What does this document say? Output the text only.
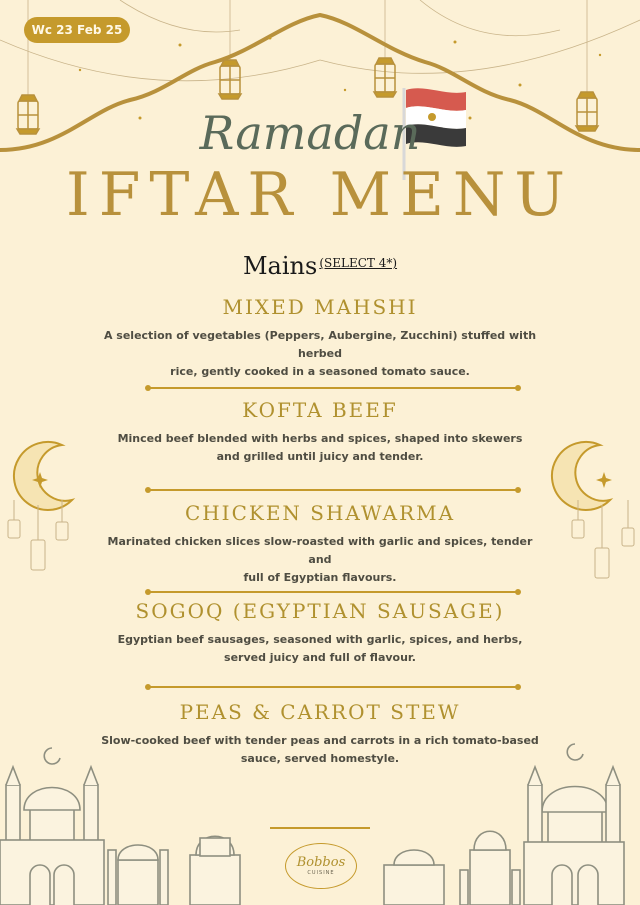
Wc 23 Feb 25
Ramadan
IFTAR MENU
Mains $^{(SELECT 4*)}$
MIXED MAHSHI
A selection of vegetables (Peppers, Aubergine, Zucchini) stuffed with herbed
rice, gently cooked in a seasoned tomato sauce.
KOFTA BEEF
Minced beef blended with herbs and spices, shaped into skewers
and grilled until juicy and tender.
CHICKEN SHAWARMA
Marinated chicken slices slow-roasted with garlic and spices, tender and
full of Egyptian flavours.
SOGOQ (EGYPTIAN SAUSAGE)
Egyptian beef sausages, seasoned with garlic, spices, and herbs,
served juicy and full of flavour.
PEAS & CARROT STEW
Slow-cooked beef with tender peas and carrots in a rich tomato-based
sauce, served homestyle.
Bobbos
CUISINE
